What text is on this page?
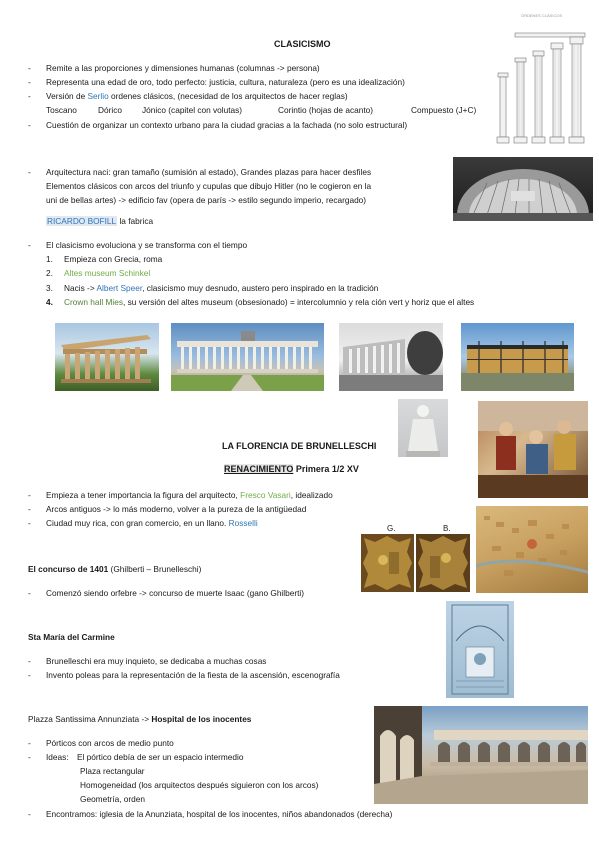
CLASICISMO
- Remite a las proporciones y dimensiones humanas (columnas -> persona)
- Representa una edad de oro, todo perfecto: justicia, cultura, naturaleza (pero es una idealización)
- Versión de Serlio ordenes clásicos, (necesidad de los arquitectos de hacer reglas)
Toscano	Dórico Jónico (capitel con volutas)	Corintio (hojas de acanto)	Compuesto (J+C)
- Cuestión de organizar un contexto urbano para la ciudad gracias a la fachada (no solo estructural)
ÓRDENES CLÁSICOS
- Arquitectura naci: gran tamaño (sumisión al estado), Grandes plazas para hacer desfiles
Elementos clásicos con arcos del triunfo y cupulas que dibujo Hitler (no le cogieron en la
uni de bellas artes) -> edificio fav (opera de parís -> estilo segundo imperio, recargado)
RICARDO BOFILL la fabrica
- El clasicismo evoluciona y se transforma con el tiempo
1. Empieza con Grecia, roma
2. Altes museum Schinkel
3. Nacis -> Albert Speer, clasicismo muy desnudo, austero pero inspirado en la tradición
4. Crown hall Mies, su versión del altes museum (obsesionado) = intercolumnio y rela ción vert y horiz que el altes
LA FLORENCIA DE BRUNELLESCHI
RENACIMIENTO Primera 1/2 XV
- Empieza a tener importancia la figura del arquitecto, Fresco Vasari, idealizado
- Arcos antiguos -> lo más moderno, volver a la pureza de la antigüedad
- Ciudad muy rica, con gran comercio, en un llano. Rosselli
G.	B.
El concurso de 1401 (Ghilberti – Brunelleschi)
- Comenzó siendo orfebre -> concurso de muerte Isaac (gano Ghilberti)
Sta María del Carmine
- Brunelleschi era muy inquieto, se dedicaba a muchas cosas
- Invento poleas para la representación de la fiesta de la ascensión, escenografía
Plazza Santissima Annunziata -> Hospital de los inocentes
- Pórticos con arcos de medio punto
- Ideas: El pórtico debía de ser un espacio intermedio
Plaza rectangular
Homogeneidad (los arquitectos después siguieron con los arcos)
Geometría, orden
- Encontramos: iglesia de la Anunziata, hospital de los inocentes, niños abandonados (derecha)
